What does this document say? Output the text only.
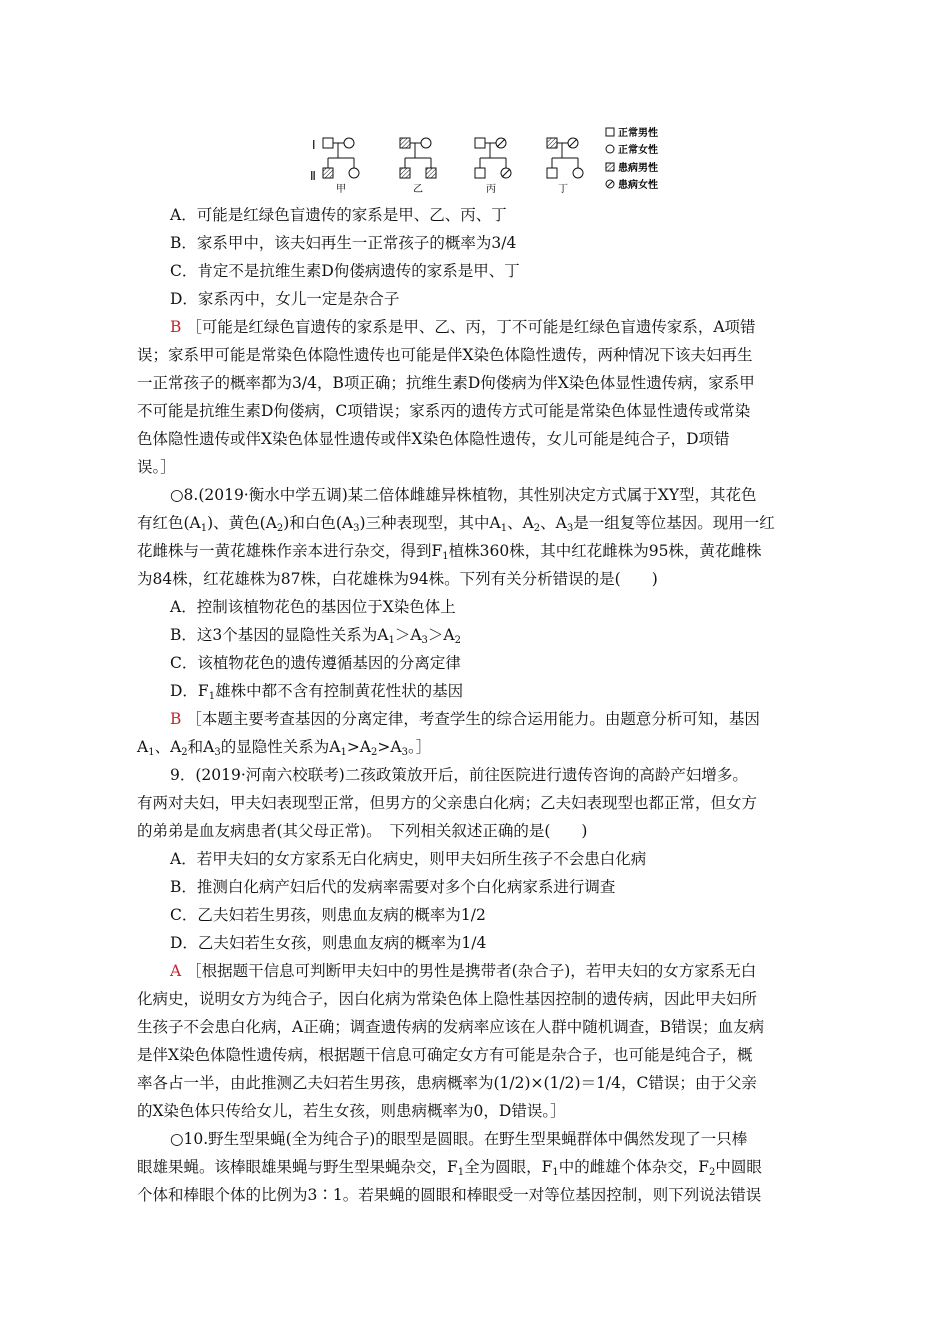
Ⅰ
Ⅱ
甲	乙	丙	丁
正常男性
正常女性
患病男性
患病女性
A．可能是红绿色盲遗传的家系是甲、乙、丙、丁
B．家系甲中，该夫妇再生一正常孩子的概率为3/4
C．肯定不是抗维生素D佝偻病遗传的家系是甲、丁
D．家系丙中，女儿一定是杂合子
B ［可能是红绿色盲遗传的家系是甲、乙、丙，丁不可能是红绿色盲遗传家系，A项错
误；家系甲可能是常染色体隐性遗传也可能是伴X染色体隐性遗传，两种情况下该夫妇再生
一正常孩子的概率都为3/4，B项正确；抗维生素D佝偻病为伴X染色体显性遗传病，家系甲
不可能是抗维生素D佝偻病，C项错误；家系丙的遗传方式可能是常染色体显性遗传或常染
色体隐性遗传或伴X染色体显性遗传或伴X染色体隐性遗传，女儿可能是纯合子，D项错
误。］
○8.(2019·衡水中学五调)某二倍体雌雄异株植物，其性别决定方式属于XY型，其花色
有红色$(A_1)$、黄色$(A_2)$和白色$(A_3)$三种表现型，其中$A_1$、$A_2$、$A_3$是一组复等位基因。现用一红
花雌株与一黄花雄株作亲本进行杂交，得到$F_1$植株360株，其中红花雌株为95株，黄花雌株
为84株，红花雄株为87株，白花雄株为94株。下列有关分析错误的是(　　)
A．控制该植物花色的基因位于X染色体上
B．这3个基因的显隐性关系为$A_1>A_3>A_2$
C．该植物花色的遗传遵循基因的分离定律
D．$F_1$雄株中都不含有控制黄花性状的基因
B ［本题主要考查基因的分离定律，考查学生的综合运用能力。由题意分析可知，基因
$A_1$、$A_2$和$A_3$的显隐性关系为$A_1>A_2>A_3$。］
9．(2019·河南六校联考)二孩政策放开后，前往医院进行遗传咨询的高龄产妇增多。
有两对夫妇，甲夫妇表现型正常，但男方的父亲患白化病；乙夫妇表现型也都正常，但女方
的弟弟是血友病患者(其父母正常)。　下列相关叙述正确的是(　　)
A．若甲夫妇的女方家系无白化病史，则甲夫妇所生孩子不会患白化病
B．推测白化病产妇后代的发病率需要对多个白化病家系进行调查
C．乙夫妇若生男孩，则患血友病的概率为1/2
D．乙夫妇若生女孩，则患血友病的概率为1/4
A ［根据题干信息可判断甲夫妇中的男性是携带者(杂合子)，若甲夫妇的女方家系无白
化病史，说明女方为纯合子，因白化病为常染色体上隐性基因控制的遗传病，因此甲夫妇所
生孩子不会患白化病，A正确；调查遗传病的发病率应该在人群中随机调查，B错误；血友病
是伴X染色体隐性遗传病，根据题干信息可确定女方有可能是杂合子，也可能是纯合子，概
率各占一半，由此推测乙夫妇若生男孩，患病概率为(1/2)×(1/2)＝1/4，C错误；由于父亲
的X染色体只传给女儿，若生女孩，则患病概率为0，D错误。］
○10.野生型果蝇(全为纯合子)的眼型是圆眼。在野生型果蝇群体中偶然发现了一只棒
眼雄果蝇。该棒眼雄果蝇与野生型果蝇杂交，$F_1$全为圆眼，$F_1$中的雌雄个体杂交，$F_2$中圆眼
个体和棒眼个体的比例为3∶1。若果蝇的圆眼和棒眼受一对等位基因控制，则下列说法错误
